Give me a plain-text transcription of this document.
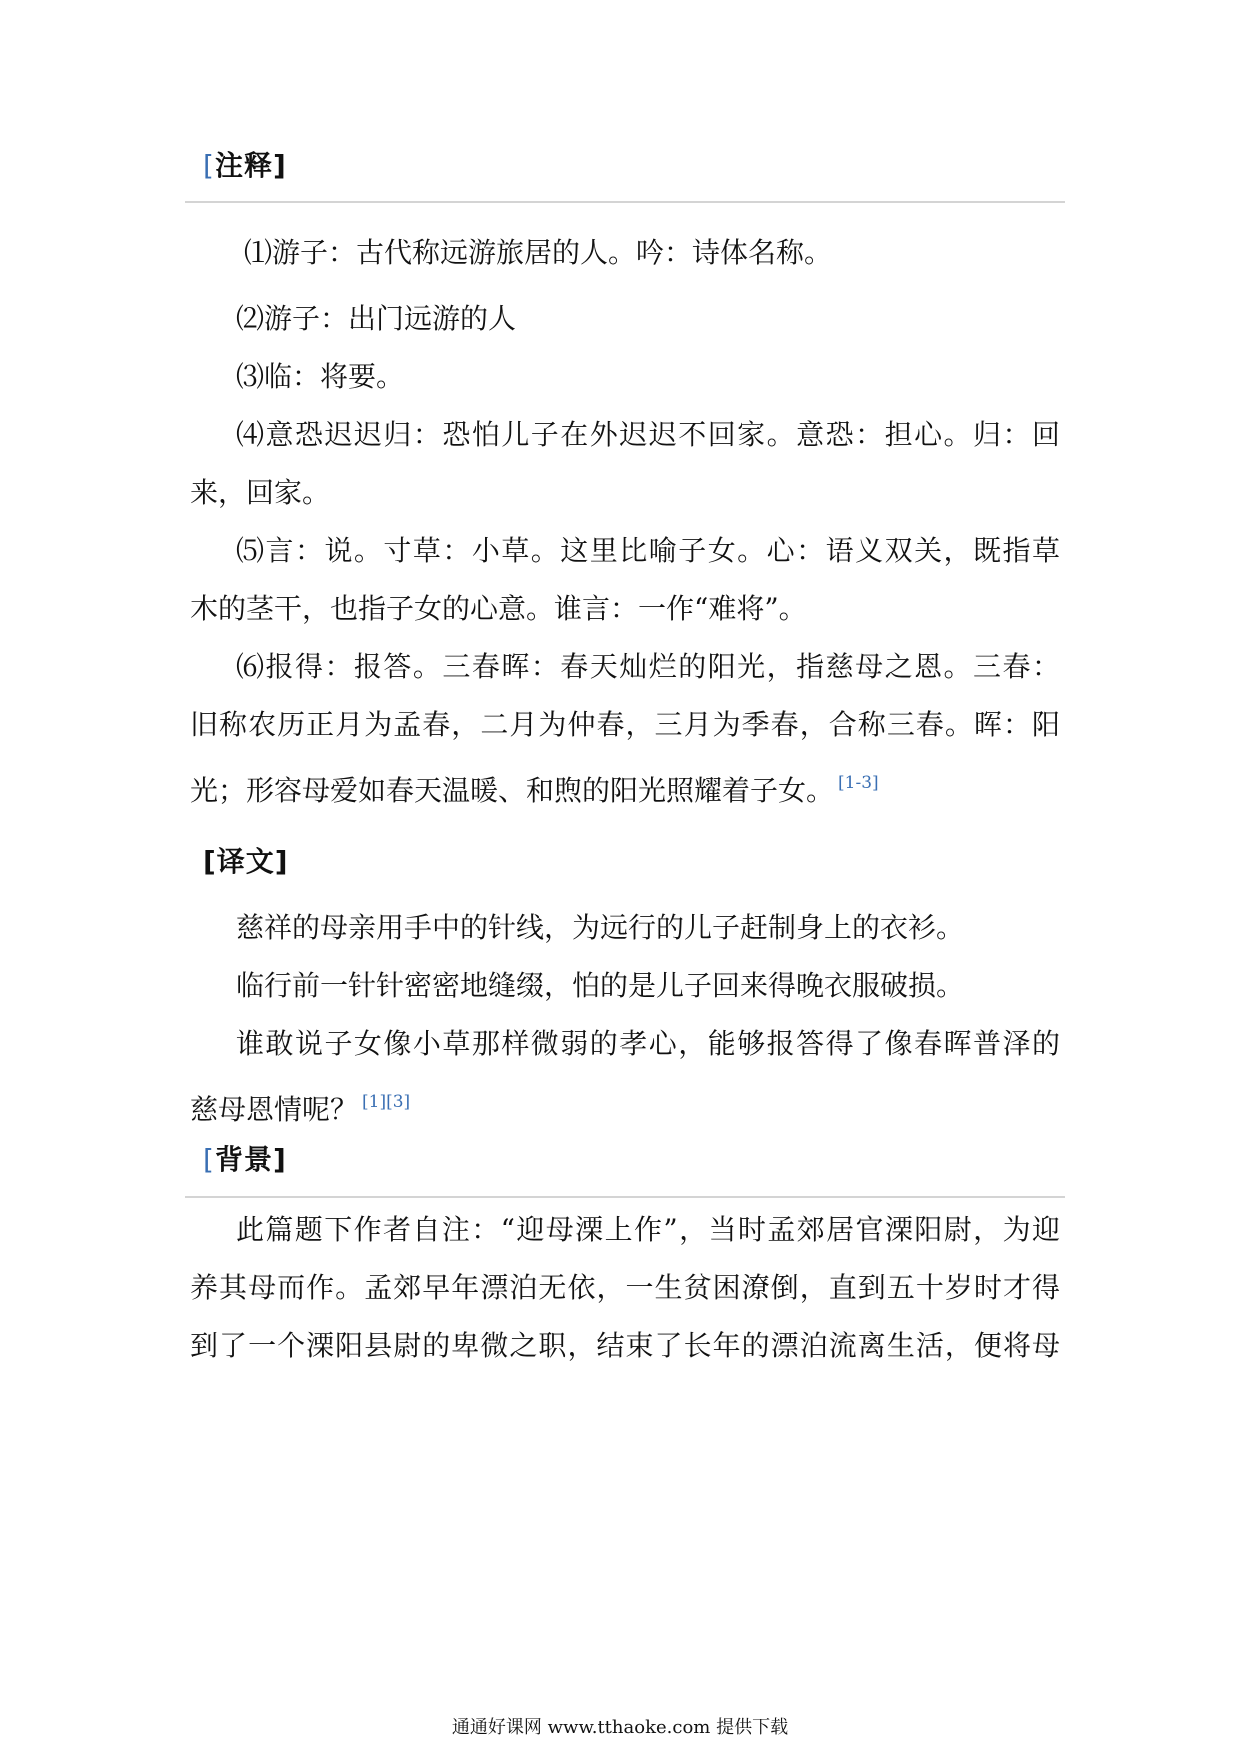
[注释]
⑴游子：古代称远游旅居的人。吟：诗体名称。
⑵游子：出门远游的人
⑶临：将要。
⑷意恐迟迟归：恐怕儿子在外迟迟不回家。意恐：担心。归：回
来，回家。
⑸言：说。寸草：小草。这里比喻子女。心：语义双关，既指草
木的茎干，也指子女的心意。谁言：一作“难将”。
⑹报得：报答。三春晖：春天灿烂的阳光，指慈母之恩。三春：
旧称农历正月为孟春，二月为仲春，三月为季春，合称三春。晖：阳
光；形容母爱如春天温暖、和煦的阳光照耀着子女。 [1-3]
[译文]
慈祥的母亲用手中的针线，为远行的儿子赶制身上的衣衫。
临行前一针针密密地缝缀，怕的是儿子回来得晚衣服破损。
谁敢说子女像小草那样微弱的孝心，能够报答得了像春晖普泽的
慈母恩情呢？ [1][3]
[背景]
此篇题下作者自注：“迎母溧上作”，当时孟郊居官溧阳尉，为迎
养其母而作。孟郊早年漂泊无依，一生贫困潦倒，直到五十岁时才得
到了一个溧阳县尉的卑微之职，结束了长年的漂泊流离生活，便将母
通通好课网 www.tthaoke.com 提供下载
